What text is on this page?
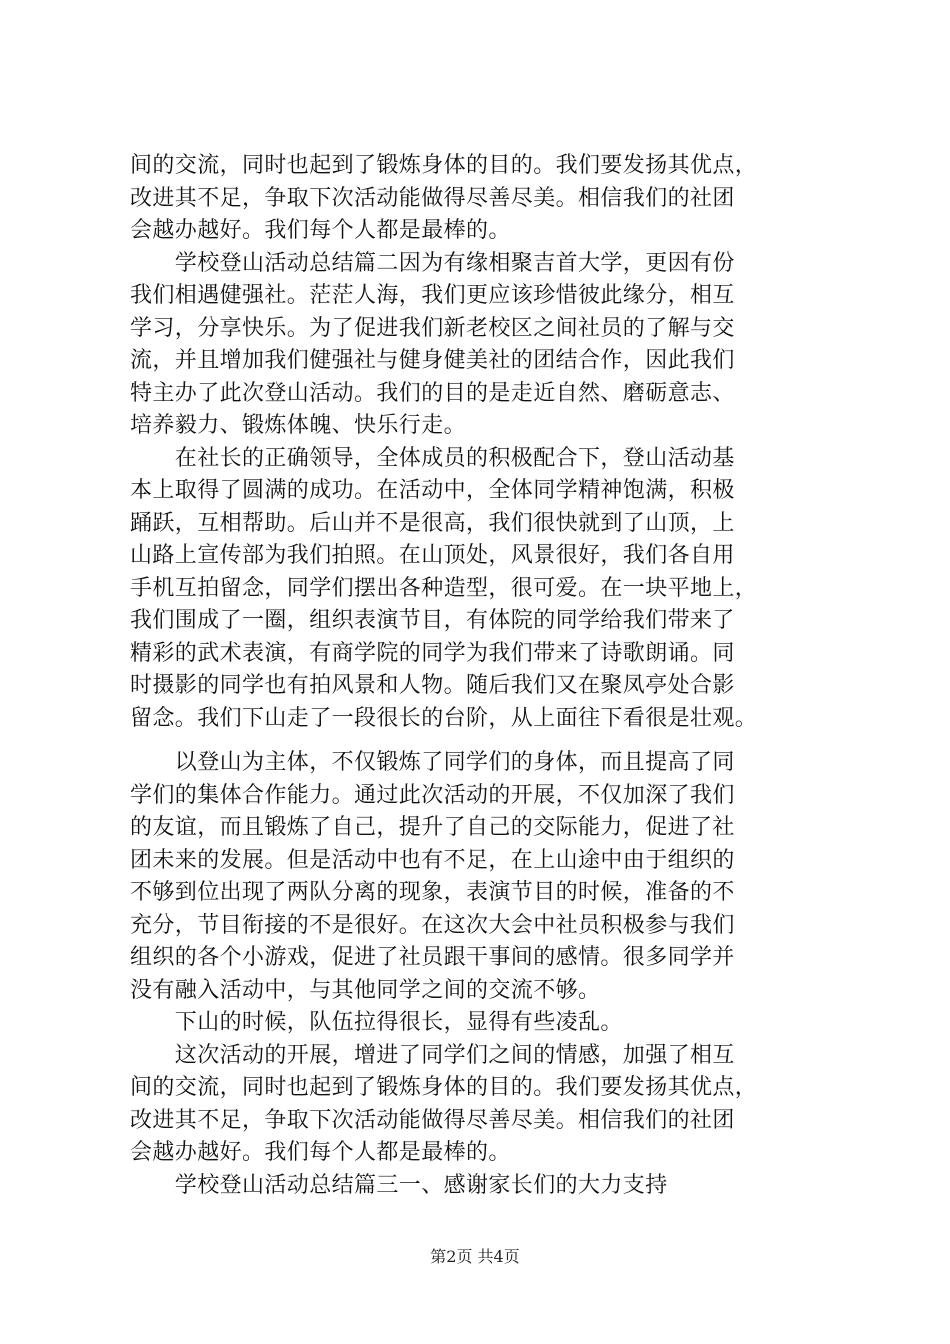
间的交流，同时也起到了锻炼身体的目的。我们要发扬其优点，
改进其不足，争取下次活动能做得尽善尽美。相信我们的社团
会越办越好。我们每个人都是最棒的。
　　学校登山活动总结篇二因为有缘相聚吉首大学，更因有份
我们相遇健强社。茫茫人海，我们更应该珍惜彼此缘分，相互
学习，分享快乐。为了促进我们新老校区之间社员的了解与交
流，并且增加我们健强社与健身健美社的团结合作，因此我们
特主办了此次登山活动。我们的目的是走近自然、磨砺意志、
培养毅力、锻炼体魄、快乐行走。
　　在社长的正确领导，全体成员的积极配合下，登山活动基
本上取得了圆满的成功。在活动中，全体同学精神饱满，积极
踊跃，互相帮助。后山并不是很高，我们很快就到了山顶，上
山路上宣传部为我们拍照。在山顶处，风景很好，我们各自用
手机互拍留念，同学们摆出各种造型，很可爱。在一块平地上，
我们围成了一圈，组织表演节目，有体院的同学给我们带来了
精彩的武术表演，有商学院的同学为我们带来了诗歌朗诵。同
时摄影的同学也有拍风景和人物。随后我们又在聚凤亭处合影
留念。我们下山走了一段很长的台阶，从上面往下看很是壮观。
　　以登山为主体，不仅锻炼了同学们的身体，而且提高了同
学们的集体合作能力。通过此次活动的开展，不仅加深了我们
的友谊，而且锻炼了自己，提升了自己的交际能力，促进了社
团未来的发展。但是活动中也有不足，在上山途中由于组织的
不够到位出现了两队分离的现象，表演节目的时候，准备的不
充分，节目衔接的不是很好。在这次大会中社员积极参与我们
组织的各个小游戏，促进了社员跟干事间的感情。很多同学并
没有融入活动中，与其他同学之间的交流不够。
　　下山的时候，队伍拉得很长，显得有些凌乱。
　　这次活动的开展，增进了同学们之间的情感，加强了相互
间的交流，同时也起到了锻炼身体的目的。我们要发扬其优点，
改进其不足，争取下次活动能做得尽善尽美。相信我们的社团
会越办越好。我们每个人都是最棒的。
　　学校登山活动总结篇三一、感谢家长们的大力支持
第2页 共4页
